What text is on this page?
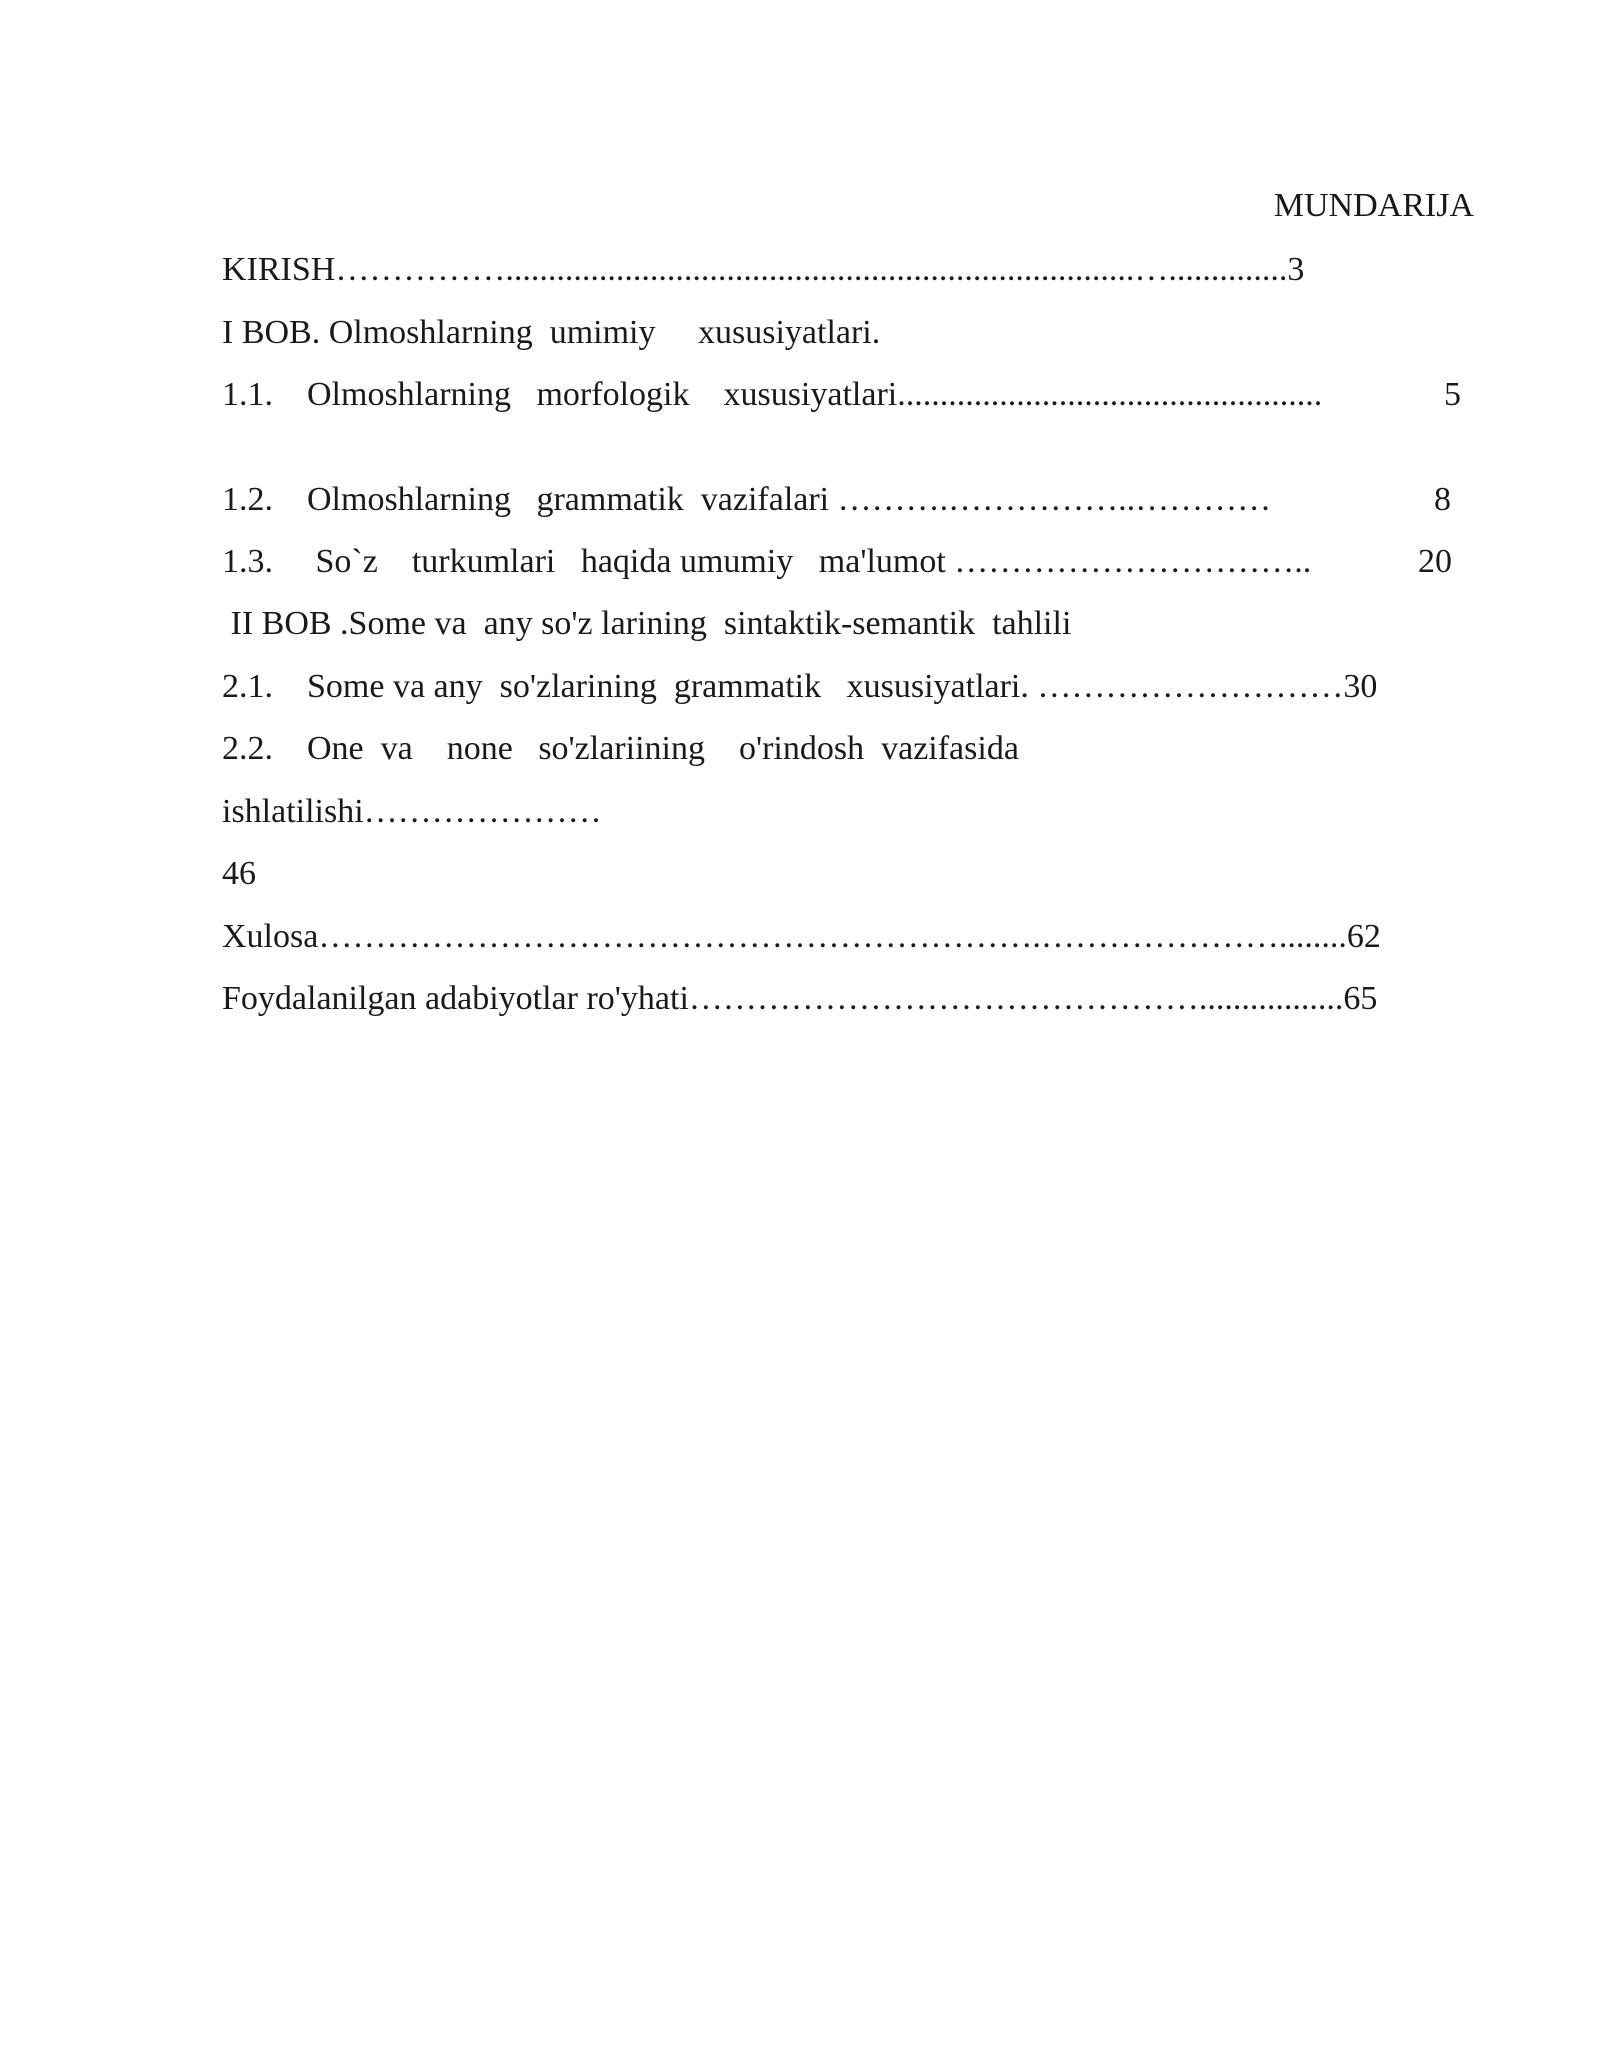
MUNDARIJA
KIRISH……………..........................................................................…..............3
I BOB. Olmoshlarning  umimiy     xususiyatlari.
1.1.    Olmoshlarning   morfologik    xususiyatlari..................................................	5
1.2.    Olmoshlarning   grammatik  vazifalari ……….……………..…………	8
1.3.     So`z    turkumlari   haqida umumiy   ma'lumot …………………………..	20
II BOB .Some va  any so'z larining  sintaktik-semantik  tahlili
2.1.    Some va any  so'zlarining  grammatik   xususiyatlari. ………………………30
2.2.    One  va    none   so'zlariining    o'rindosh  vazifasida
ishlatilishi…………………
46
Xulosa……………………………………………………….…………………........62
Foydalanilgan adabiyotlar ro'yhati……………………………………….................65
